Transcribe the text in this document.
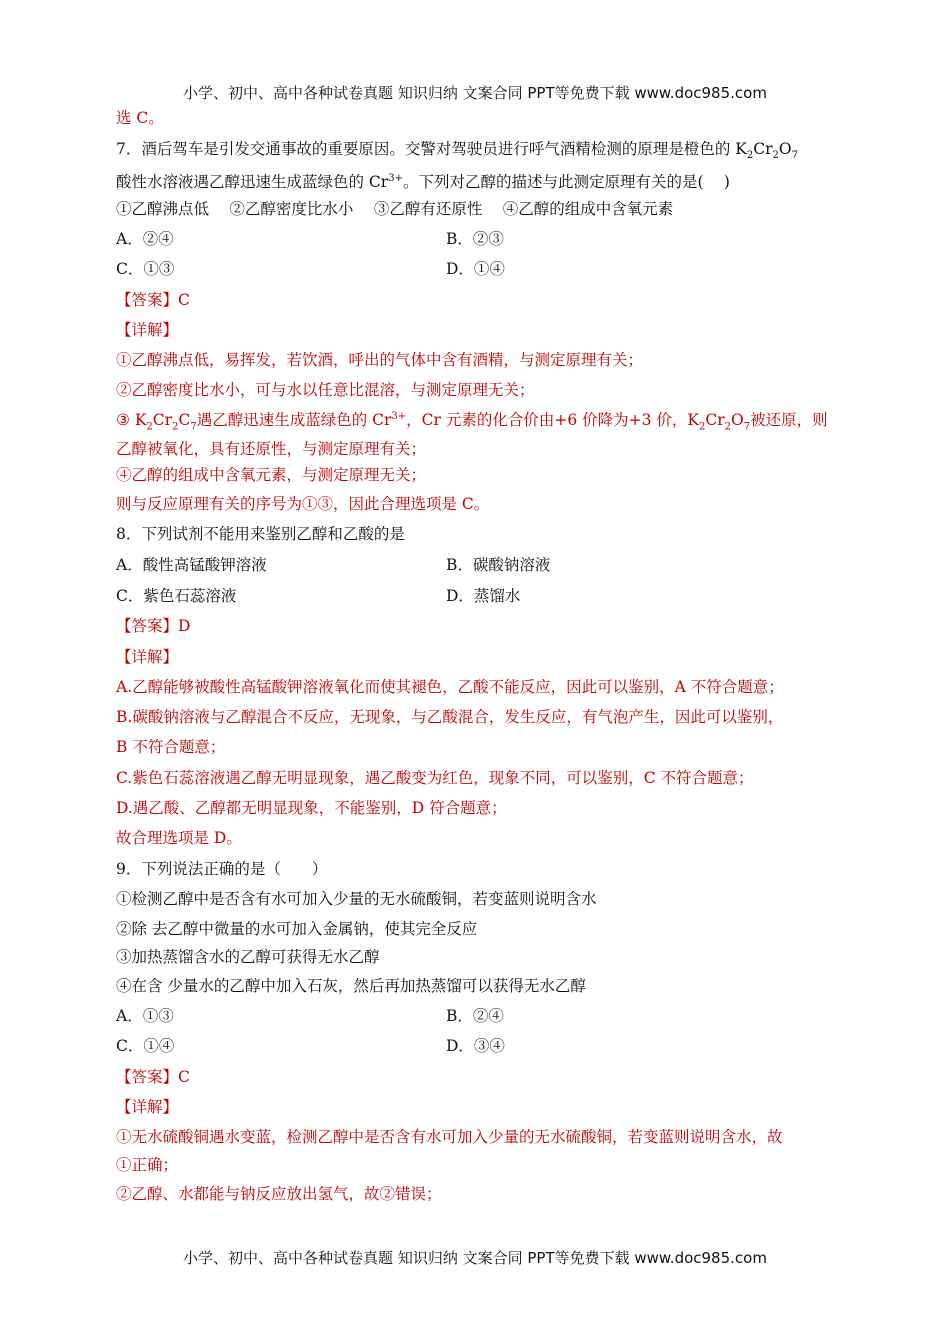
小学、初中、高中各种试卷真题 知识归纳 文案合同 PPT等免费下载 www.doc985.com
选 C。
7．酒后驾车是引发交通事故的重要原因。交警对驾驶员进行呼气酒精检测的原理是橙色的 $K_2Cr_2O_7$
酸性水溶液遇乙醇迅速生成蓝绿色的 $Cr^{3+}$。下列对乙醇的描述与此测定原理有关的是(　 )
①乙醇沸点低　 ②乙醇密度比水小　 ③乙醇有还原性　 ④乙醇的组成中含氧元素
A．②④	B．②③
C．①③	D．①④
【答案】C
【详解】
①乙醇沸点低，易挥发，若饮酒，呼出的气体中含有酒精，与测定原理有关；
②乙醇密度比水小，可与水以任意比混溶，与测定原理无关；
③ $K_2Cr_2C_7$遇乙醇迅速生成蓝绿色的 $Cr^{3+}$，Cr 元素的化合价由+6 价降为+3 价，$K_2Cr_2O_7$被还原，则
乙醇被氧化，具有还原性，与测定原理有关；
④乙醇的组成中含氧元素，与测定原理无关；
则与反应原理有关的序号为①③，因此合理选项是 C。
8．下列试剂不能用来鉴别乙醇和乙酸的是
A．酸性高锰酸钾溶液	B．碳酸钠溶液
C．紫色石蕊溶液	D．蒸馏水
【答案】D
【详解】
A.乙醇能够被酸性高锰酸钾溶液氧化而使其褪色，乙酸不能反应，因此可以鉴别，A 不符合题意；
B.碳酸钠溶液与乙醇混合不反应，无现象，与乙酸混合，发生反应，有气泡产生，因此可以鉴别，
B 不符合题意；
C.紫色石蕊溶液遇乙醇无明显现象，遇乙酸变为红色，现象不同，可以鉴别，C 不符合题意；
D.遇乙酸、乙醇都无明显现象，不能鉴别，D 符合题意；
故合理选项是 D。
9．下列说法正确的是（　　）
①检测乙醇中是否含有水可加入少量的无水硫酸铜，若变蓝则说明含水
②除 去乙醇中微量的水可加入金属钠，使其完全反应
③加热蒸馏含水的乙醇可获得无水乙醇
④在含 少量水的乙醇中加入石灰，然后再加热蒸馏可以获得无水乙醇
A．①③	B．②④
C．①④	D．③④
【答案】C
【详解】
①无水硫酸铜遇水变蓝，检测乙醇中是否含有水可加入少量的无水硫酸铜，若变蓝则说明含水，故
①正确；
②乙醇、水都能与钠反应放出氢气，故②错误；
小学、初中、高中各种试卷真题 知识归纳 文案合同 PPT等免费下载 www.doc985.com
